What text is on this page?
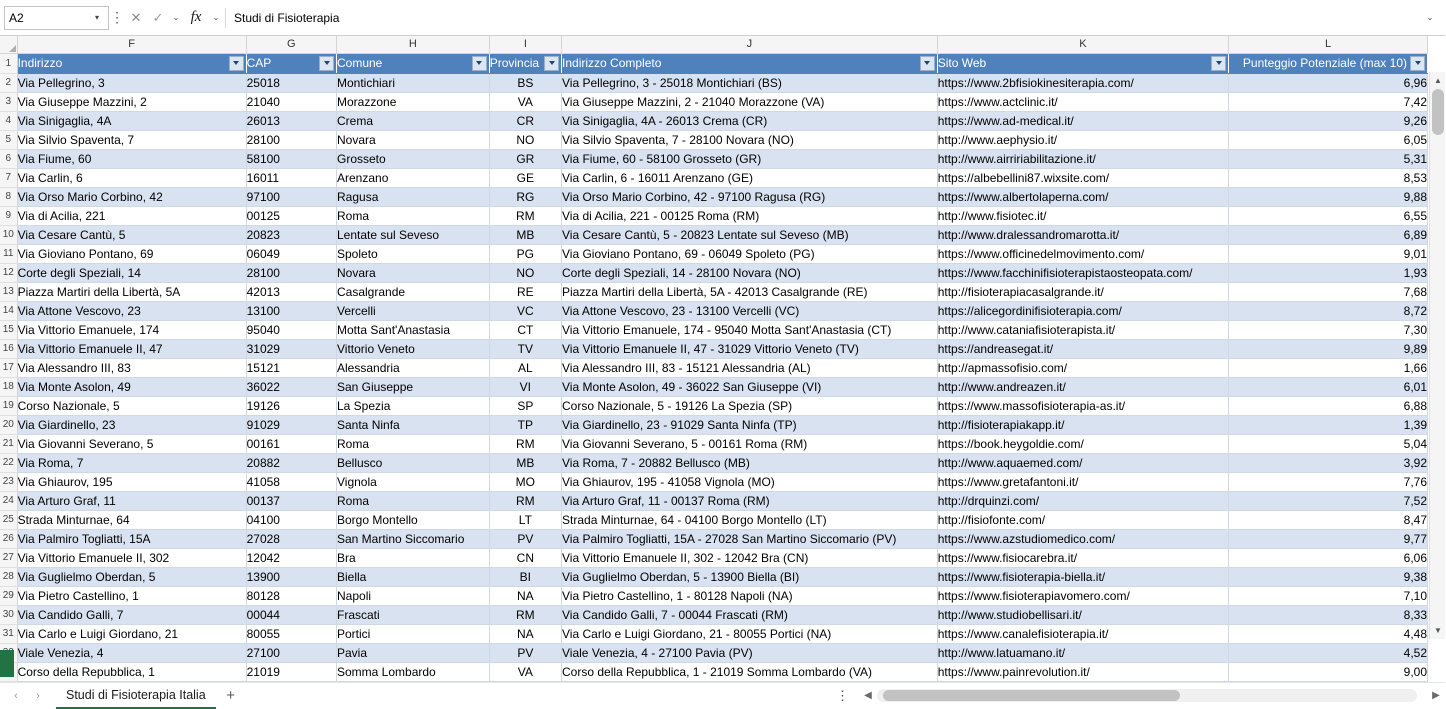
A2	▾ ⋮ ✕ ✓	⌄ fx	⌄	Studi di Fisioterapia	⌄
	F	G	H	I	J	K	L
1	Indirizzo	CAP	Comune	Provincia	Indirizzo Completo	Sito Web	Punteggio Potenziale (max 10)

2	Via Pellegrino, 3	25018	Montichiari	BS	Via Pellegrino, 3 - 25018 Montichiari (BS)	https://www.2bfisiokinesiterapia.com/	6,96
3	Via Giuseppe Mazzini, 2	21040	Morazzone	VA	Via Giuseppe Mazzini, 2 - 21040 Morazzone (VA)	https://www.actclinic.it/	7,42
4	Via Sinigaglia, 4A	26013	Crema	CR	Via Sinigaglia, 4A - 26013 Crema (CR)	https://www.ad-medical.it/	9,26
5	Via Silvio Spaventa, 7	28100	Novara	NO	Via Silvio Spaventa, 7 - 28100 Novara (NO)	http://www.aephysio.it/	6,05
6	Via Fiume, 60	58100	Grosseto	GR	Via Fiume, 60 - 58100 Grosseto (GR)	http://www.airririabilitazione.it/	5,31
7	Via Carlin, 6	16011	Arenzano	GE	Via Carlin, 6 - 16011 Arenzano (GE)	https://albebellini87.wixsite.com/	8,53
8	Via Orso Mario Corbino, 42	97100	Ragusa	RG	Via Orso Mario Corbino, 42 - 97100 Ragusa (RG)	https://www.albertolaperna.com/	9,88
9	Via di Acilia, 221	00125	Roma	RM	Via di Acilia, 221 - 00125 Roma (RM)	http://www.fisiotec.it/	6,55
10	Via Cesare Cantù, 5	20823	Lentate sul Seveso	MB	Via Cesare Cantù, 5 - 20823 Lentate sul Seveso (MB)	http://www.dralessandromarotta.it/	6,89
11	Via Gioviano Pontano, 69	06049	Spoleto	PG	Via Gioviano Pontano, 69 - 06049 Spoleto (PG)	https://www.officinedelmovimento.com/	9,01
12	Corte degli Speziali, 14	28100	Novara	NO	Corte degli Speziali, 14 - 28100 Novara (NO)	https://www.facchinifisioterapistaosteopata.com/	1,93
13	Piazza Martiri della Libertà, 5A	42013	Casalgrande	RE	Piazza Martiri della Libertà, 5A - 42013 Casalgrande (RE)	http://fisioterapiacasalgrande.it/	7,68
14	Via Attone Vescovo, 23	13100	Vercelli	VC	Via Attone Vescovo, 23 - 13100 Vercelli (VC)	https://alicegordinifisioterapia.com/	8,72
15	Via Vittorio Emanuele, 174	95040	Motta Sant'Anastasia	CT	Via Vittorio Emanuele, 174 - 95040 Motta Sant'Anastasia (CT)	http://www.cataniafisioterapista.it/	7,30
16	Via Vittorio Emanuele II, 47	31029	Vittorio Veneto	TV	Via Vittorio Emanuele II, 47 - 31029 Vittorio Veneto (TV)	https://andreasegat.it/	9,89
17	Via Alessandro III, 83	15121	Alessandria	AL	Via Alessandro III, 83 - 15121 Alessandria (AL)	http://apmassofisio.com/	1,66
18	Via Monte Asolon, 49	36022	San Giuseppe	VI	Via Monte Asolon, 49 - 36022 San Giuseppe (VI)	http://www.andreazen.it/	6,01
19	Corso Nazionale, 5	19126	La Spezia	SP	Corso Nazionale, 5 - 19126 La Spezia (SP)	https://www.massofisioterapia-as.it/	6,88
20	Via Giardinello, 23	91029	Santa Ninfa	TP	Via Giardinello, 23 - 91029 Santa Ninfa (TP)	http://fisioterapiakapp.it/	1,39
21	Via Giovanni Severano, 5	00161	Roma	RM	Via Giovanni Severano, 5 - 00161 Roma (RM)	https://book.heygoldie.com/	5,04
22	Via Roma, 7	20882	Bellusco	MB	Via Roma, 7 - 20882 Bellusco (MB)	http://www.aquaemed.com/	3,92
23	Via Ghiaurov, 195	41058	Vignola	MO	Via Ghiaurov, 195 - 41058 Vignola (MO)	https://www.gretafantoni.it/	7,76
24	Via Arturo Graf, 11	00137	Roma	RM	Via Arturo Graf, 11 - 00137 Roma (RM)	http://drquinzi.com/	7,52
25	Strada Minturnae, 64	04100	Borgo Montello	LT	Strada Minturnae, 64 - 04100 Borgo Montello (LT)	http://fisiofonte.com/	8,47
26	Via Palmiro Togliatti, 15A	27028	San Martino Siccomario	PV	Via Palmiro Togliatti, 15A - 27028 San Martino Siccomario (PV)	https://www.azstudiomedico.com/	9,77
27	Via Vittorio Emanuele II, 302	12042	Bra	CN	Via Vittorio Emanuele II, 302 - 12042 Bra (CN)	https://www.fisiocarebra.it/	6,06
28	Via Guglielmo Oberdan, 5	13900	Biella	BI	Via Guglielmo Oberdan, 5 - 13900 Biella (BI)	https://www.fisioterapia-biella.it/	9,38
29	Via Pietro Castellino, 1	80128	Napoli	NA	Via Pietro Castellino, 1 - 80128 Napoli (NA)	https://www.fisioterapiavomero.com/	7,10
30	Via Candido Galli, 7	00044	Frascati	RM	Via Candido Galli, 7 - 00044 Frascati (RM)	http://www.studiobellisari.it/	8,33
31	Via Carlo e Luigi Giordano, 21	80055	Portici	NA	Via Carlo e Luigi Giordano, 21 - 80055 Portici (NA)	https://www.canalefisioterapia.it/	4,48
	Viale Venezia, 4	27100	Pavia	PV	Viale Venezia, 4 - 27100 Pavia (PV)	http://www.latuamano.it/	4,52
	Corso della Repubblica, 1	21019	Somma Lombardo	VA	Corso della Repubblica, 1 - 21019 Somma Lombardo (VA)	https://www.painrevolution.it/	9,00
▲
▼
‹	›	Studi di Fisioterapia Italia	+	⋮	◀	▶
